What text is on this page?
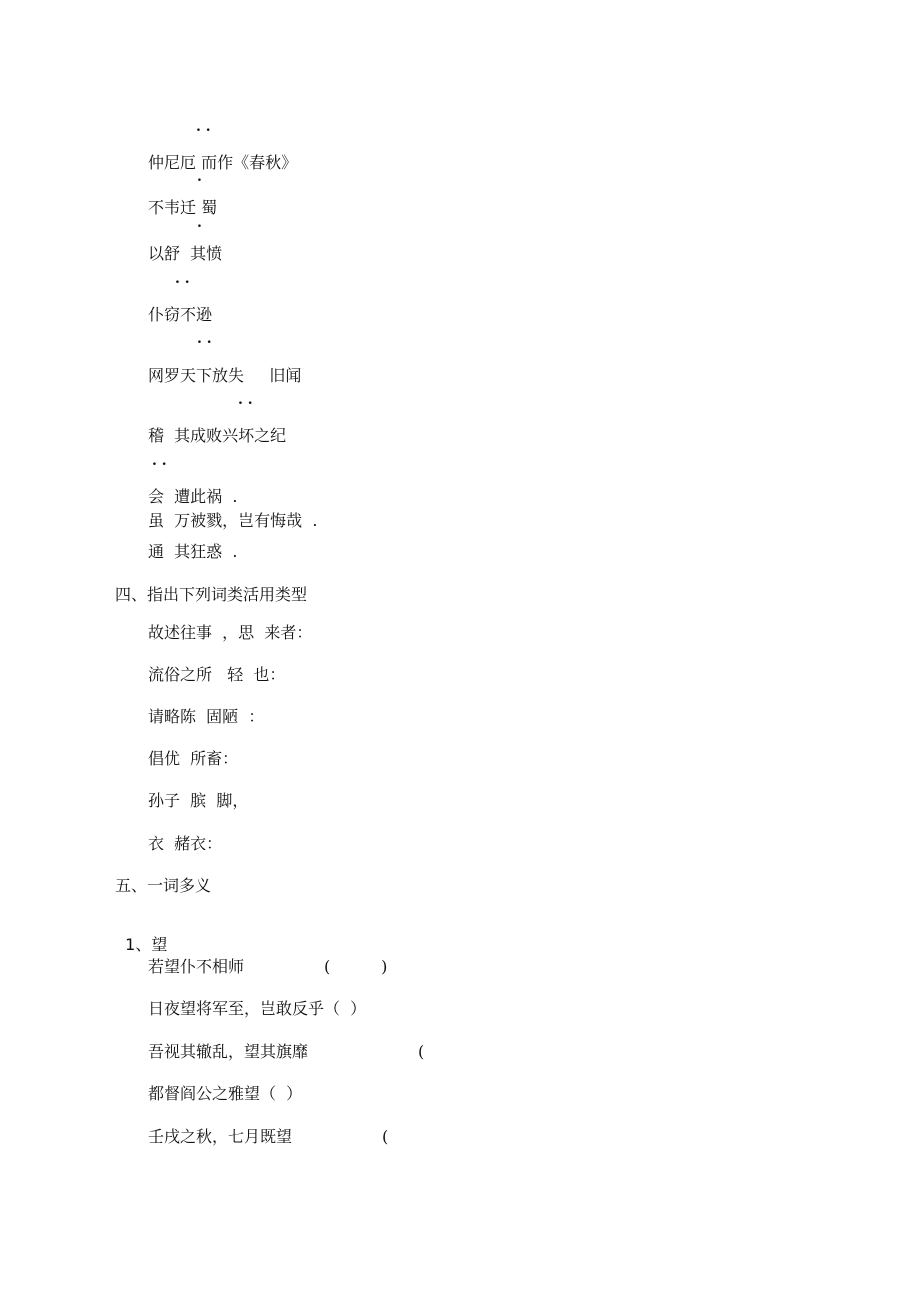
. .
仲尼厄 而作《春秋》
.
不韦迁 蜀
.
以舒  其愤
. .
仆窃不逊
. .
网罗天下放失     旧闻
. .
稽  其成败兴坏之纪
. .
会  遭此祸  .
虽  万被戮，岂有悔哉  .
通  其狂惑  .
四、指出下列词类活用类型
故述往事  ，思  来者：
流俗之所   轻  也：
请略陈  固陋  ：
倡优  所畜：
孙子  膑  脚，
衣  赭衣：
五、一词多义

1、望

若望仆不相师	(          )
日夜望将军至，岂敢反乎（  ）
吾视其辙乱，望其旗靡	(
都督阎公之雅望（  ）
壬戌之秋，七月既望	(
